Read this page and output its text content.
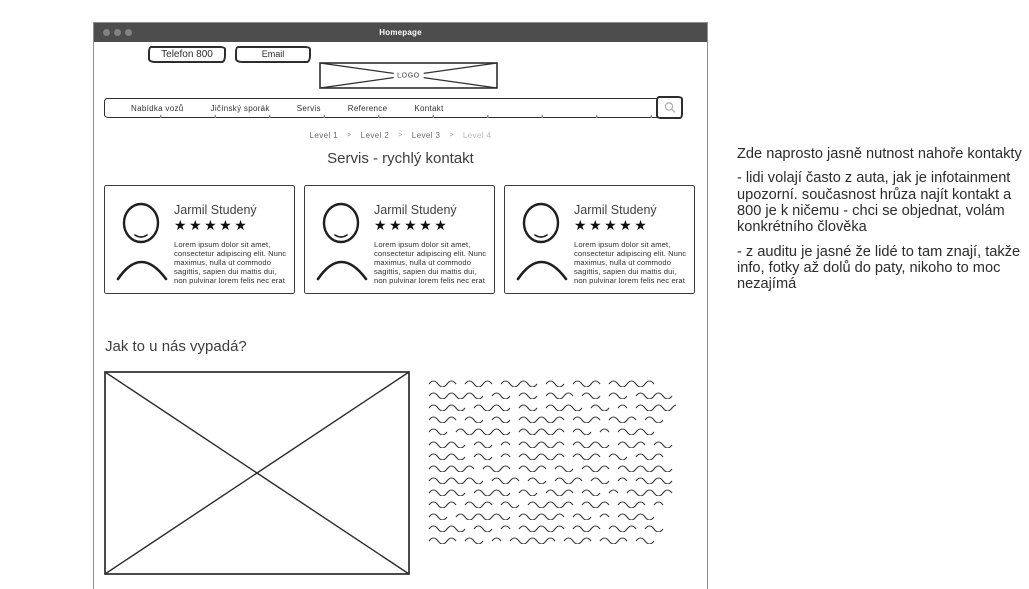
Homepage
Telefon 800	Email
LOGO
Nabídka vozů	Jičínský sporák	Servis	Reference	Kontakt
Level 1 > Level 2 > Level 3 > Level 4
Servis - rychlý kontakt
Jarmil Studený
★★★★★
Lorem ipsum dolor sit amet, consectetur adipiscing elit. Nunc maximus, nulla ut commodo sagittis, sapien dui mattis dui, non pulvinar lorem felis nec erat
Jarmil Studený
★★★★★
Lorem ipsum dolor sit amet, consectetur adipiscing elit. Nunc maximus, nulla ut commodo sagittis, sapien dui mattis dui, non pulvinar lorem felis nec erat
Jarmil Studený
★★★★★
Lorem ipsum dolor sit amet, consectetur adipiscing elit. Nunc maximus, nulla ut commodo sagittis, sapien dui mattis dui, non pulvinar lorem felis nec erat
Jak to u nás vypadá?

Zde naprosto jasně nutnost nahoře kontakty

- lidi volají často z auta, jak je infotainment upozorní. současnost hrůza najít kontakt a 800 je k ničemu - chci se objednat, volám konkrétního člověka

- z auditu je jasné že lidé to tam znají, takže info, fotky až dolů do paty, nikoho to moc nezajímá
